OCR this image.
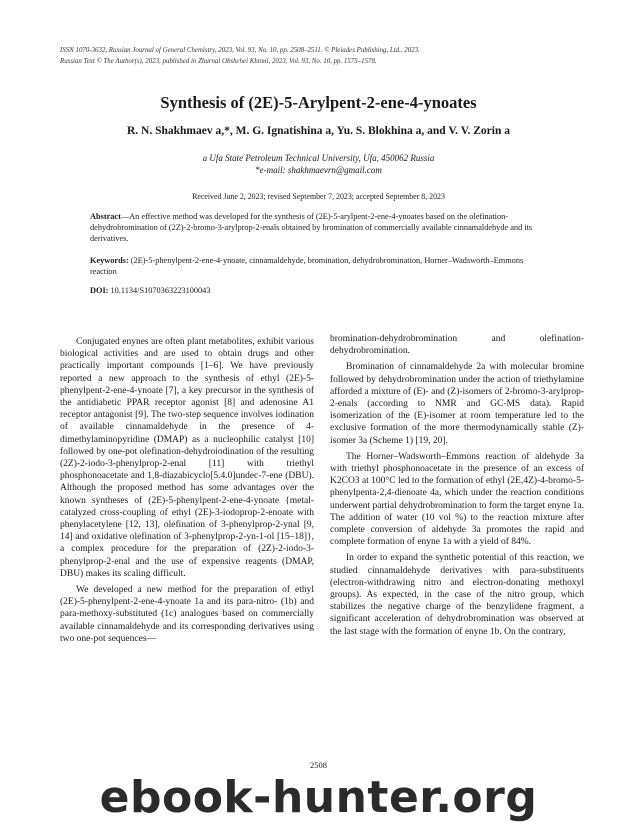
ISSN 1070-3632, Russian Journal of General Chemistry, 2023, Vol. 93, No. 10, pp. 2508–2511. © Pleiades Publishing, Ltd., 2023.
Russian Text © The Author(s), 2023, published in Zhurnal Obshchei Khimii, 2023, Vol. 93, No. 10, pp. 1575–1578.
Synthesis of (2E)-5-Arylpent-2-ene-4-ynoates
R. N. Shakhmaev a,*, M. G. Ignatishina a, Yu. S. Blokhina a, and V. V. Zorin a
a Ufa State Petroleum Technical University, Ufa, 450062 Russia
*e-mail: shakhmaevrn@gmail.com
Received June 2, 2023; revised September 7, 2023; accepted September 8, 2023
Abstract—An effective method was developed for the synthesis of (2E)-5-arylpent-2-ene-4-ynoates based on the olefination-dehydrobromination of (2Z)-2-bromo-3-arylprop-2-enals obtained by bromination of commercially available cinnamaldehyde and its derivatives.
Keywords: (2E)-5-phenylpent-2-ene-4-ynoate, cinnamaldehyde, bromination, dehydrobromination, Horner–Wadsworth–Emmons reaction
DOI: 10.1134/S1070363223100043

Conjugated enynes are often plant metabolites, exhibit various biological activities and are used to obtain drugs and other practically important compounds [1–6]. We have previously reported a new approach to the synthesis of ethyl (2E)-5-phenylpent-2-ene-4-ynoate [7], a key precursor in the synthesis of the antidiabetic PPAR receptor agonist [8] and adenosine A1 receptor antagonist [9]. The two-step sequence involves iodination of available cinnamaldehyde in the presence of 4-dimethylaminopyridine (DMAP) as a nucleophilic catalyst [10] followed by one-pot olefination-dehydroiodination of the resulting (2Z)-2-iodo-3-phenylprop-2-enal [11] with triethyl phosphonoacetate and 1,8-diazabicyclo[5.4.0]undec-7-ene (DBU). Although the proposed method has some advantages over the known syntheses of (2E)-5-phenylpent-2-ene-4-ynoate {metal-catalyzed cross-coupling of ethyl (2E)-3-iodoprop-2-enoate with phenylacetylene [12, 13], olefination of 3-phenylprop-2-ynal [9, 14] and oxidative olefination of 3-phenylprop-2-yn-1-ol [15–18]}, a complex procedure for the preparation of (2Z)-2-iodo-3-phenylprop-2-enal and the use of expensive reagents (DMAP, DBU) makes its scaling difficult.

We developed a new method for the preparation of ethyl (2E)-5-phenylpent-2-ene-4-ynoate 1a and its para-nitro- (1b) and para-methoxy-substituted (1c) analogues based on commercially available cinnamaldehyde and its corresponding derivatives using two one-pot sequences—

bromination-dehydrobromination and olefination-dehydrobromination.

Bromination of cinnamaldehyde 2a with molecular bromine followed by dehydrobromination under the action of triethylamine afforded a mixture of (E)- and (Z)-isomers of 2-bromo-3-arylprop-2-enals (according to NMR and GC-MS data). Rapid isomerization of the (E)-isomer at room temperature led to the exclusive formation of the more thermodynamically stable (Z)-isomer 3a (Scheme 1) [19, 20].

The Horner–Wadsworth–Emmons reaction of aldehyde 3a with triethyl phosphonoacetate in the presence of an excess of K2CO3 at 100°C led to the formation of ethyl (2E,4Z)-4-bromo-5-phenylpenta-2,4-dienoate 4a, which under the reaction conditions underwent partial dehydrobromination to form the target enyne 1a. The addition of water (10 vol %) to the reaction mixture after complete conversion of aldehyde 3a promotes the rapid and complete formation of enyne 1a with a yield of 84%.

In order to expand the synthetic potential of this reaction, we studied cinnamaldehyde derivatives with para-substituents (electron-withdrawing nitro and electron-donating methoxyl groups). As expected, in the case of the nitro group, which stabilizes the negative charge of the benzylidene fragment, a significant acceleration of dehydrobromination was observed at the last stage with the formation of enyne 1b. On the contrary,

2508
ebook-hunter.org
